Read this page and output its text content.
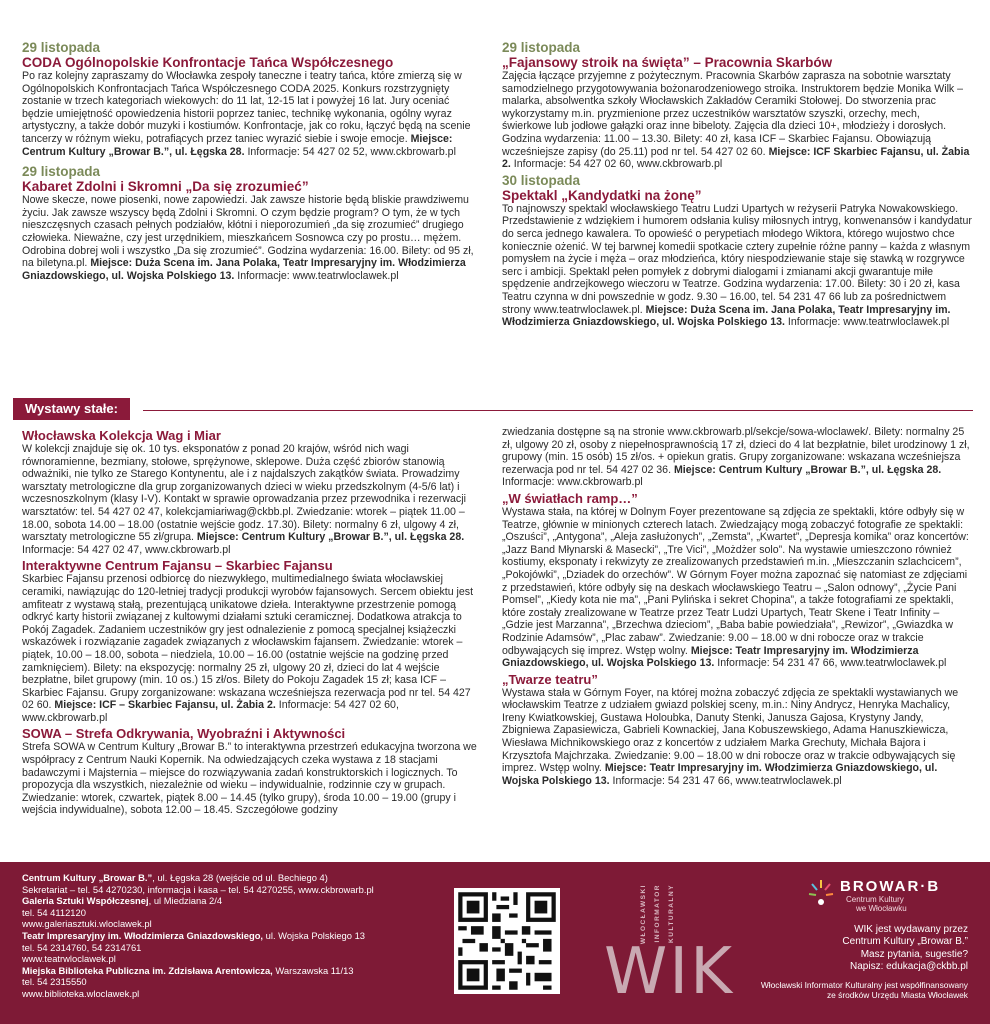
29 listopada
CODA Ogólnopolskie Konfrontacje Tańca Współczesnego

Po raz kolejny zapraszamy do Włocławka zespoły taneczne i teatry tańca, które zmierzą się w Ogólnopolskich Konfrontacjach Tańca Współczesnego CODA 2025. Konkurs rozstrzygnięty zostanie w trzech kategoriach wiekowych: do 11 lat, 12-15 lat i powyżej 16 lat. Jury oceniać będzie umiejętność opowiedzenia historii poprzez taniec, technikę wykonania, ogólny wyraz artystyczny, a także dobór muzyki i kostiumów. Konfrontacje, jak co roku, łączyć będą na scenie tancerzy w różnym wieku, potrafiących przez taniec wyrazić siebie i swoje emocje. Miejsce: Centrum Kultury „Browar B.”, ul. Łęgska 28. Informacje: 54 427 02 52, www.ckbrowarb.pl

29 listopada
Kabaret Zdolni i Skromni „Da się zrozumieć”

Nowe skecze, nowe piosenki, nowe zapowiedzi. Jak zawsze historie będą bliskie prawdziwemu życiu. Jak zawsze wszyscy będą Zdolni i Skromni. O czym będzie program? O tym, że w tych nieszczęsnych czasach pełnych podziałów, kłótni i nieporozumień „da się zrozumieć” drugiego człowieka. Nieważne, czy jest urzędnikiem, mieszkańcem Sosnowca czy po prostu… mężem. Odrobina dobrej woli i wszystko „Da się zrozumieć”. Godzina wydarzenia: 16.00. Bilety: od 95 zł, na biletyna.pl. Miejsce: Duża Scena im. Jana Polaka, Teatr Impresaryjny im. Włodzimierza Gniazdowskiego, ul. Wojska Polskiego 13. Informacje: www.teatrwloclawek.pl

29 listopada
„Fajansowy stroik na święta” – Pracownia Skarbów

Zajęcia łączące przyjemne z pożytecznym. Pracownia Skarbów zaprasza na sobotnie warsztaty samodzielnego przygotowywania bożonarodzeniowego stroika. Instruktorem będzie Monika Wilk – malarka, absolwentka szkoły Włocławskich Zakładów Ceramiki Stołowej. Do stworzenia prac wykorzystamy m.in. pryzmienione przez uczestników warsztatów szyszki, orzechy, mech, świerkowe lub jodłowe gałązki oraz inne bibeloty. Zajęcia dla dzieci 10+, młodzieży i dorosłych. Godzina wydarzenia: 11.00 – 13.30. Bilety: 40 zł, kasa ICF – Skarbiec Fajansu. Obowiązują wcześniejsze zapisy (do 25.11) pod nr tel. 54 427 02 60. Miejsce: ICF Skarbiec Fajansu, ul. Żabia 2. Informacje: 54 427 02 60, www.ckbrowarb.pl

30 listopada
Spektakl „Kandydatki na żonę”

To najnowszy spektakl włocławskiego Teatru Ludzi Upartych w reżyserii Patryka Nowakowskiego. Przedstawienie z wdziękiem i humorem odsłania kulisy miłosnych intryg, konwenansów i kandydatur do serca jednego kawalera. To opowieść o perypetiach młodego Wiktora, którego wujostwo chce koniecznie ożenić. W tej barwnej komedii spotkacie cztery zupełnie różne panny – każda z własnym pomysłem na życie i męża – oraz młodzieńca, który niespodziewanie staje się stawką w rozgrywce serc i ambicji. Spektakl pełen pomyłek z dobrymi dialogami i zmianami akcji gwarantuje miłe spędzenie andrzejkowego wieczoru w Teatrze. Godzina wydarzenia: 17.00. Bilety: 30 i 20 zł, kasa Teatru czynna w dni powszednie w godz. 9.30 – 16.00, tel. 54 231 47 66 lub za pośrednictwem strony www.teatrwloclawek.pl. Miejsce: Duża Scena im. Jana Polaka, Teatr Impresaryjny im. Włodzimierza Gniazdowskiego, ul. Wojska Polskiego 13. Informacje: www.teatrwloclawek.pl

Wystawy stałe:
Włocławska Kolekcja Wag i Miar

W kolekcji znajduje się ok. 10 tys. eksponatów z ponad 20 krajów, wśród nich wagi równoramienne, bezmiany, stołowe, sprężynowe, sklepowe. Duża część zbiorów stanowią odważniki, nie tylko ze Starego Kontynentu, ale i z najdalszych zakątków świata. Prowadzimy warsztaty metrologiczne dla grup zorganizowanych dzieci w wieku przedszkolnym (4-5/6 lat) i wczesnoszkolnym (klasy I-V). Kontakt w sprawie oprowadzania przez przewodnika i rezerwacji warsztatów: tel. 54 427 02 47, kolekcjamiariwag@ckbb.pl. Zwiedzanie: wtorek – piątek 11.00 – 18.00, sobota 14.00 – 18.00 (ostatnie wejście godz. 17.30). Bilety: normalny 6 zł, ulgowy 4 zł, warsztaty metrologiczne 55 zł/grupa. Miejsce: Centrum Kultury „Browar B.”, ul. Łęgska 28. Informacje: 54 427 02 47, www.ckbrowarb.pl

Interaktywne Centrum Fajansu – Skarbiec Fajansu

Skarbiec Fajansu przenosi odbiorcę do niezwykłego, multimedialnego świata włocławskiej ceramiki, nawiązując do 120-letniej tradycji produkcji wyrobów fajansowych. Sercem obiektu jest amfiteatr z wystawą stałą, prezentującą unikatowe dzieła. Interaktywne przestrzenie pomogą odkryć karty historii związanej z kultowymi działami sztuki ceramicznej. Dodatkowa atrakcja to Pokój Zagadek. Zadaniem uczestników gry jest odnalezienie z pomocą specjalnej książeczki wskazówek i rozwiązanie zagadek związanych z włocławskim fajansem. Zwiedzanie: wtorek – piątek, 10.00 – 18.00, sobota – niedziela, 10.00 – 16.00 (ostatnie wejście na godzinę przed zamknięciem). Bilety: na ekspozycję: normalny 25 zł, ulgowy 20 zł, dzieci do lat 4 wejście bezpłatne, bilet grupowy (min. 10 os.) 15 zł/os. Bilety do Pokoju Zagadek 15 zł; kasa ICF – Skarbiec Fajansu. Grupy zorganizowane: wskazana wcześniejsza rezerwacja pod nr tel. 54 427 02 60. Miejsce: ICF – Skarbiec Fajansu, ul. Żabia 2. Informacje: 54 427 02 60, www.ckbrowarb.pl

SOWA – Strefa Odkrywania, Wyobraźni i Aktywności

Strefa SOWA w Centrum Kultury „Browar B.” to interaktywna przestrzeń edukacyjna tworzona we współpracy z Centrum Nauki Kopernik. Na odwiedzających czeka wystawa z 18 stacjami badawczymi i Majsternia – miejsce do rozwiązywania zadań konstruktorskich i logicznych. To propozycja dla wszystkich, niezależnie od wieku – indywidualnie, rodzinnie czy w grupach. Zwiedzanie: wtorek, czwartek, piątek 8.00 – 14.45 (tylko grupy), środa 10.00 – 19.00 (grupy i wejścia indywidualne), sobota 12.00 – 18.45. Szczegółowe godziny

zwiedzania dostępne są na stronie www.ckbrowarb.pl/sekcje/sowa-wloclawek/. Bilety: normalny 25 zł, ulgowy 20 zł, osoby z niepełnosprawnością 17 zł, dzieci do 4 lat bezpłatnie, bilet urodzinowy 1 zł, grupowy (min. 15 osób) 15 zł/os. + opiekun gratis. Grupy zorganizowane: wskazana wcześniejsza rezerwacja pod nr tel. 54 427 02 36. Miejsce: Centrum Kultury „Browar B.”, ul. Łęgska 28. Informacje: www.ckbrowarb.pl

„W światłach ramp…”

Wystawa stała, na której w Dolnym Foyer prezentowane są zdjęcia ze spektakli, które odbyły się w Teatrze, głównie w minionych czterech latach. Zwiedzający mogą zobaczyć fotografie ze spektakli: „Oszuści”, „Antygona”, „Aleja zasłużonych”, „Zemsta”, „Kwartet”, „Depresja komika” oraz koncertów: „Jazz Band Młynarski & Masecki”, „Tre Vici”, „Możdżer solo”. Na wystawie umieszczono również kostiumy, eksponaty i rekwizyty ze zrealizowanych przedstawień m.in. „Mieszczanin szlachcicem”, „Pokojówki”, „Dziadek do orzechów”. W Górnym Foyer można zapoznać się natomiast ze zdjęciami z przedstawień, które odbyły się na deskach włocławskiego Teatru – „Salon odnowy”, „Życie Pani Pomsel”, „Kiedy kota nie ma”, „Pani Pylińska i sekret Chopina”, a także fotografiami ze spektakli, które zostały zrealizowane w Teatrze przez Teatr Ludzi Upartych, Teatr Skene i Teatr Infinity – „Gdzie jest Marzanna”, „Brzechwa dzieciom”, „Baba babie powiedziała”, „Rewizor”, „Gwiazdka w Rodzinie Adamsów”, „Plac zabaw”. Zwiedzanie: 9.00 – 18.00 w dni robocze oraz w trakcie odbywających się imprez. Wstęp wolny. Miejsce: Teatr Impresaryjny im. Włodzimierza Gniazdowskiego, ul. Wojska Polskiego 13. Informacje: 54 231 47 66, www.teatrwloclawek.pl

„Twarze teatru”

Wystawa stała w Górnym Foyer, na której można zobaczyć zdjęcia ze spektakli wystawianych we włocławskim Teatrze z udziałem gwiazd polskiej sceny, m.in.: Niny Andrycz, Henryka Machalicy, Ireny Kwiatkowskiej, Gustawa Holoubka, Danuty Stenki, Janusza Gajosa, Krystyny Jandy, Zbigniewa Zapasiewicza, Gabrieli Kownackiej, Jana Kobuszewskiego, Adama Hanuszkiewicza, Wiesława Michnikowskiego oraz z koncertów z udziałem Marka Grechuty, Michała Bajora i Krzysztofa Majchrzaka. Zwiedzanie: 9.00 – 18.00 w dni robocze oraz w trakcie odbywających się imprez. Wstęp wolny. Miejsce: Teatr Impresaryjny im. Włodzimierza Gniazdowskiego, ul. Wojska Polskiego 13. Informacje: 54 231 47 66, www.teatrwloclawek.pl

Centrum Kultury „Browar B.”, ul. Łęgska 28 (wejście od ul. Bechiego 4)
Sekretariat – tel. 54 4270230, informacja i kasa – tel. 54 4270255, www.ckbrowarb.pl
Galeria Sztuki Współczesnej, ul Miedziana 2/4
tel. 54 4112120
www.galeriasztuki.wloclawek.pl
Teatr Impresaryjny im. Włodzimierza Gniazdowskiego, ul. Wojska Polskiego 13
tel. 54 2314760, 54 2314761
www.teatrwloclawek.pl
Miejska Biblioteka Publiczna im. Zdzisława Arentowicza, Warszawska 11/13
tel. 54 2315550
www.biblioteka.wloclawek.pl
WŁOCŁAWSKI INFORMATOR KULTURALNY
WIK
BROWAR·B
Centrum Kultury
we Włocławku
WIK jest wydawany przez
Centrum Kultury „Browar B.”
Masz pytania, sugestie?
Napisz: edukacja@ckbb.pl
Włocławski Informator Kulturalny jest współfinansowany
ze środków Urzędu Miasta Włocławek
